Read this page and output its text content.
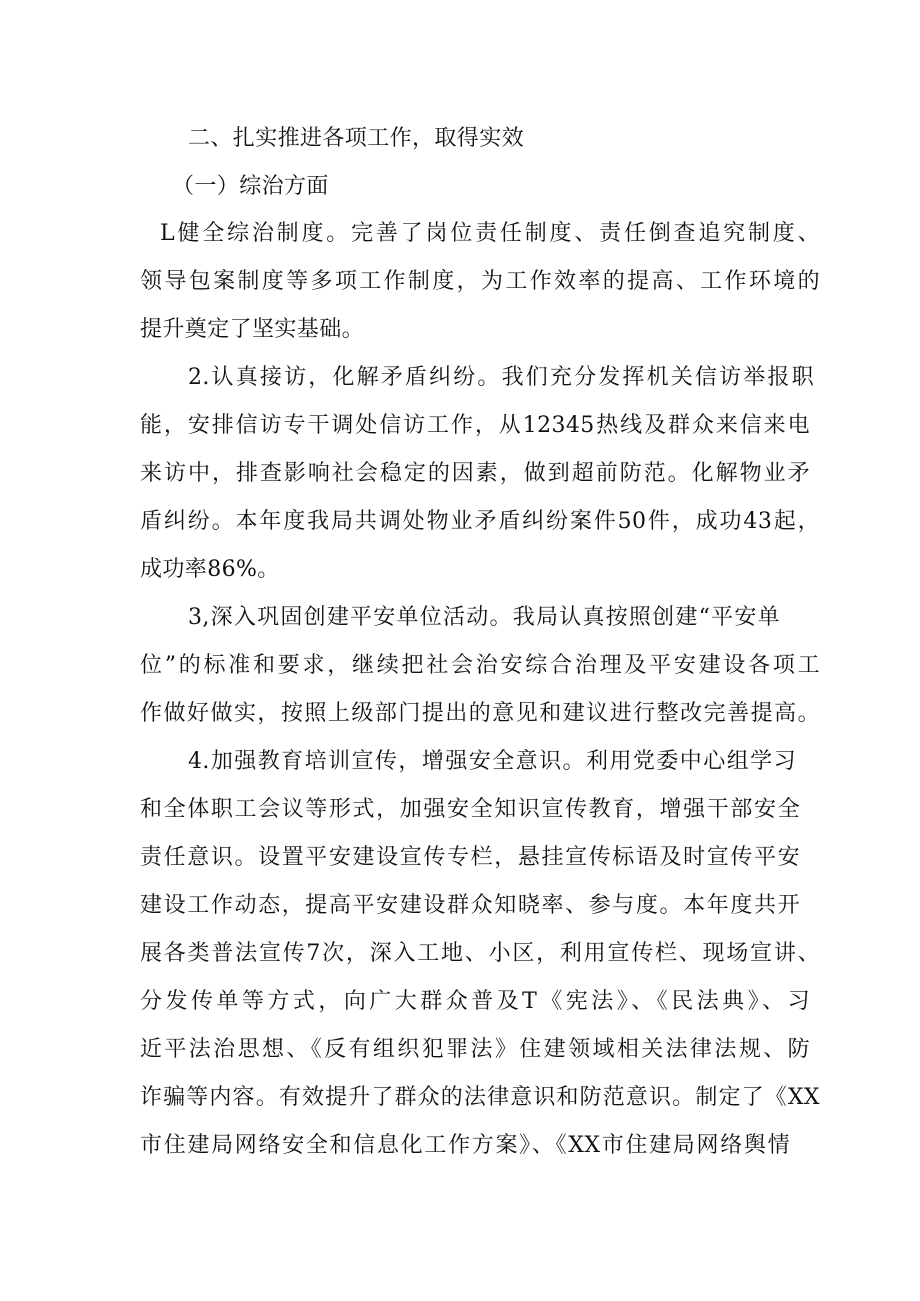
二、扎实推进各项工作，取得实效
（一）综治方面
L健全综治制度。完善了岗位责任制度、责任倒查追究制度、
领导包案制度等多项工作制度，为工作效率的提高、工作环境的
提升奠定了坚实基础。
2.认真接访，化解矛盾纠纷。我们充分发挥机关信访举报职
能，安排信访专干调处信访工作，从12345热线及群众来信来电
来访中，排查影响社会稳定的因素，做到超前防范。化解物业矛
盾纠纷。本年度我局共调处物业矛盾纠纷案件50件，成功43起，
成功率86%。
3,深入巩固创建平安单位活动。我局认真按照创建“平安单
位”的标准和要求，继续把社会治安综合治理及平安建设各项工
作做好做实，按照上级部门提出的意见和建议进行整改完善提高。
4.加强教育培训宣传，增强安全意识。利用党委中心组学习
和全体职工会议等形式，加强安全知识宣传教育，增强干部安全
责任意识。设置平安建设宣传专栏，悬挂宣传标语及时宣传平安
建设工作动态，提高平安建设群众知晓率、参与度。本年度共开
展各类普法宣传7次，深入工地、小区，利用宣传栏、现场宣讲、
分发传单等方式，向广大群众普及T《宪法》、《民法典》、习
近平法治思想、《反有组织犯罪法》住建领域相关法律法规、防
诈骗等内容。有效提升了群众的法律意识和防范意识。制定了《XX
市住建局网络安全和信息化工作方案》、《XX市住建局网络舆情
